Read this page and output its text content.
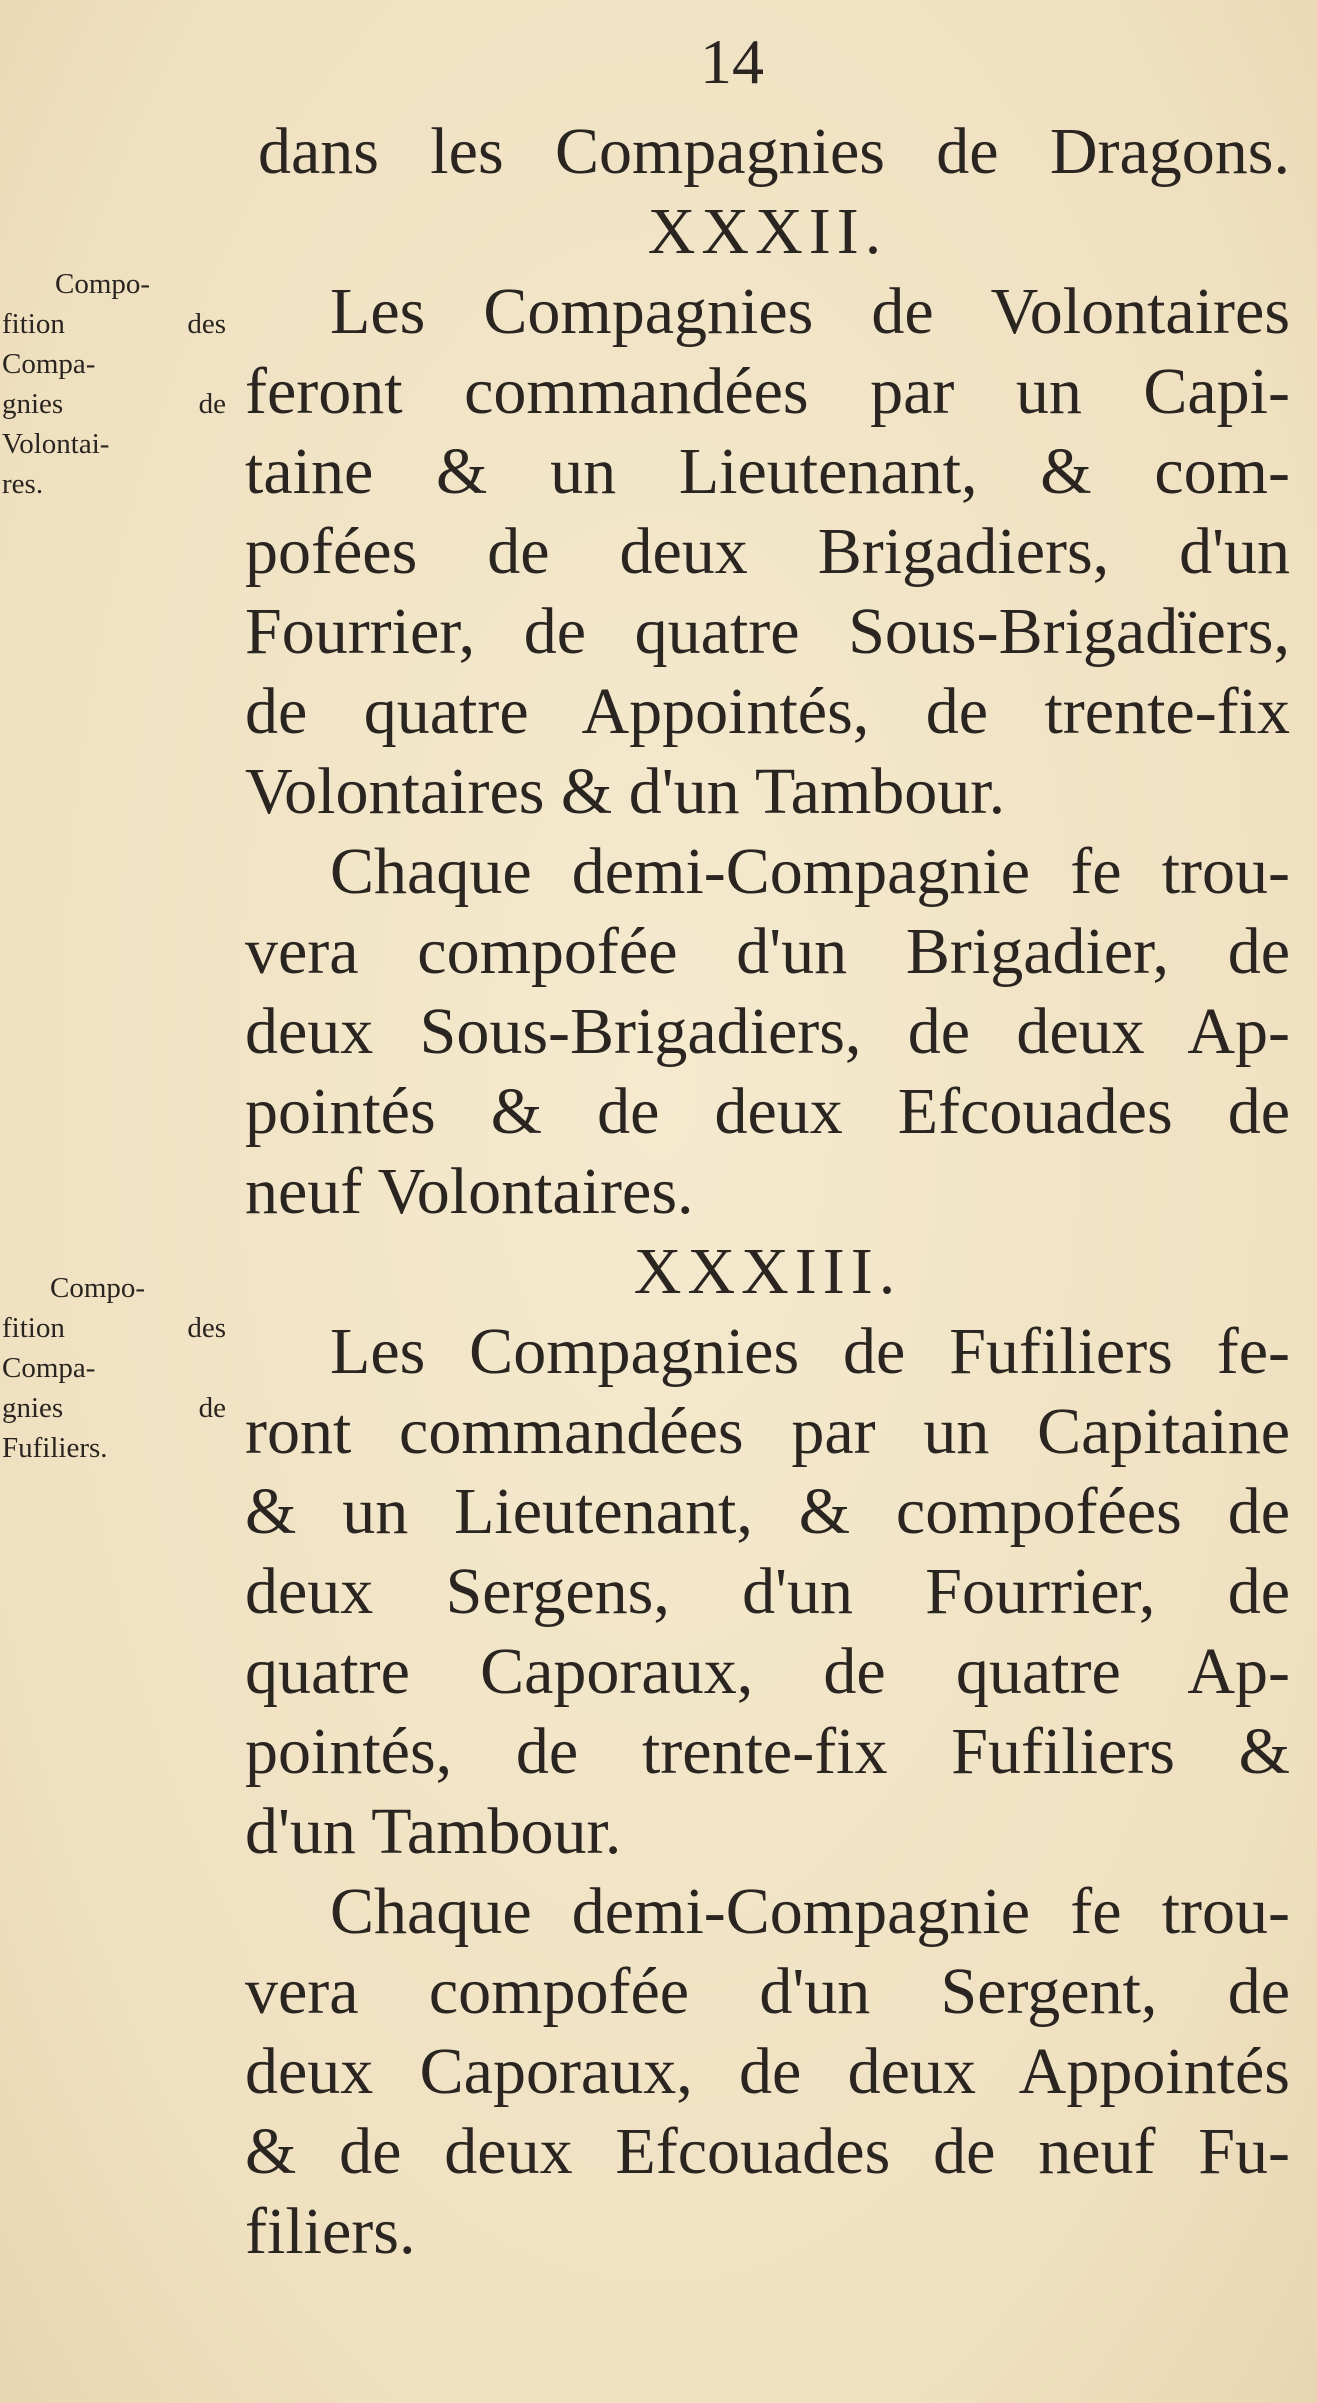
14
dans les Compagnies de Dragons.
XXXII.
Les Compagnies de Volontaires
feront commandées par un Capi-
taine & un Lieutenant, & com-
pofées de deux Brigadiers, d'un
Fourrier, de quatre Sous-Brigadïers,
de quatre Appointés, de trente-fix
Volontaires & d'un Tambour.
Chaque demi-Compagnie fe trou-
vera compofée d'un Brigadier, de
deux Sous-Brigadiers, de deux Ap-
pointés & de deux Efcouades de
neuf Volontaires.
XXXIII.
Les Compagnies de Fufiliers fe-
ront commandées par un Capitaine
& un Lieutenant, & compofées de
deux Sergens, d'un Fourrier, de
quatre Caporaux, de quatre Ap-
pointés, de trente-fix Fufiliers &
d'un Tambour.
Chaque demi-Compagnie fe trou-
vera compofée d'un Sergent, de
deux Caporaux, de deux Appointés
& de deux Efcouades de neuf Fu-
filiers.
Compo-
fition des
Compa-
gnies de
Volontai-
res.
Compo-
fition des
Compa-
gnies de
Fufiliers.
